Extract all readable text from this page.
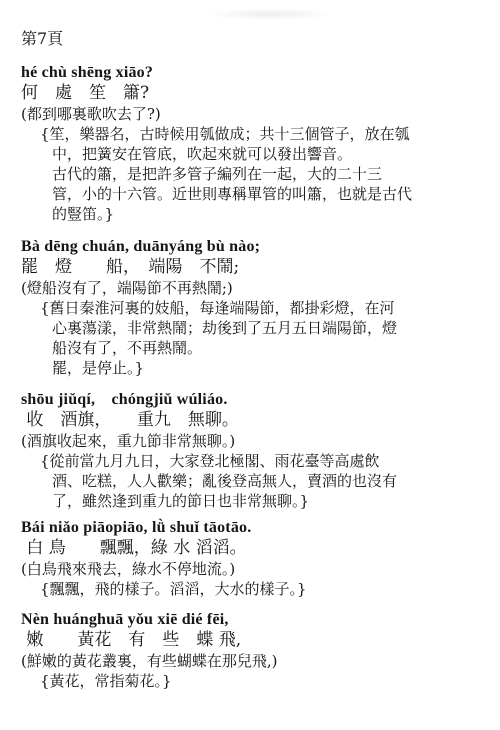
第7頁
hé chù shēng xiāo?
何　處　笙　簫?
(都到哪裏歌吹去了?)
{笙，樂器名，古時候用瓠做成；共十三個管子，放在瓠
中，把簧安在管底，吹起來就可以發出響音。
古代的簫，是把許多管子編列在一起，大的二十三
管，小的十六管。近世則專稱單管的叫簫，也就是古代
的豎笛。}
Bà dēng chuán, duānyáng bù nào;
罷　燈　　船，　端陽　不鬧;
(燈船沒有了，端陽節不再熱鬧;)
{舊日秦淮河裏的妓船，每逢端陽節，都掛彩燈，在河
心裏蕩漾，非常熱鬧；劫後到了五月五日端陽節，燈
船沒有了，不再熱鬧。
罷，是停止。}
shōu jiǔqí,　chóngjiǔ wúliáo.
收　酒旗，　　重九　無聊。
(酒旗收起來，重九節非常無聊。)
{從前當九月九日，大家登北極閣、雨花臺等高處飲
酒、吃糕，人人歡樂；亂後登高無人，賣酒的也沒有
了，雖然逢到重九的節日也非常無聊。}
Bái niǎo piāopiāo, lǜ shuǐ tāotāo.
白 鳥　　飄飄，綠 水 滔滔。
(白鳥飛來飛去，綠水不停地流。)
{飄飄，飛的樣子。滔滔，大水的樣子。}
Nèn huánghuā yǒu xiē dié fēi,
嫩　　黃花　有　些　蝶 飛,
(鮮嫩的黃花叢裏，有些蝴蝶在那兒飛,)
{黃花，常指菊花。}
